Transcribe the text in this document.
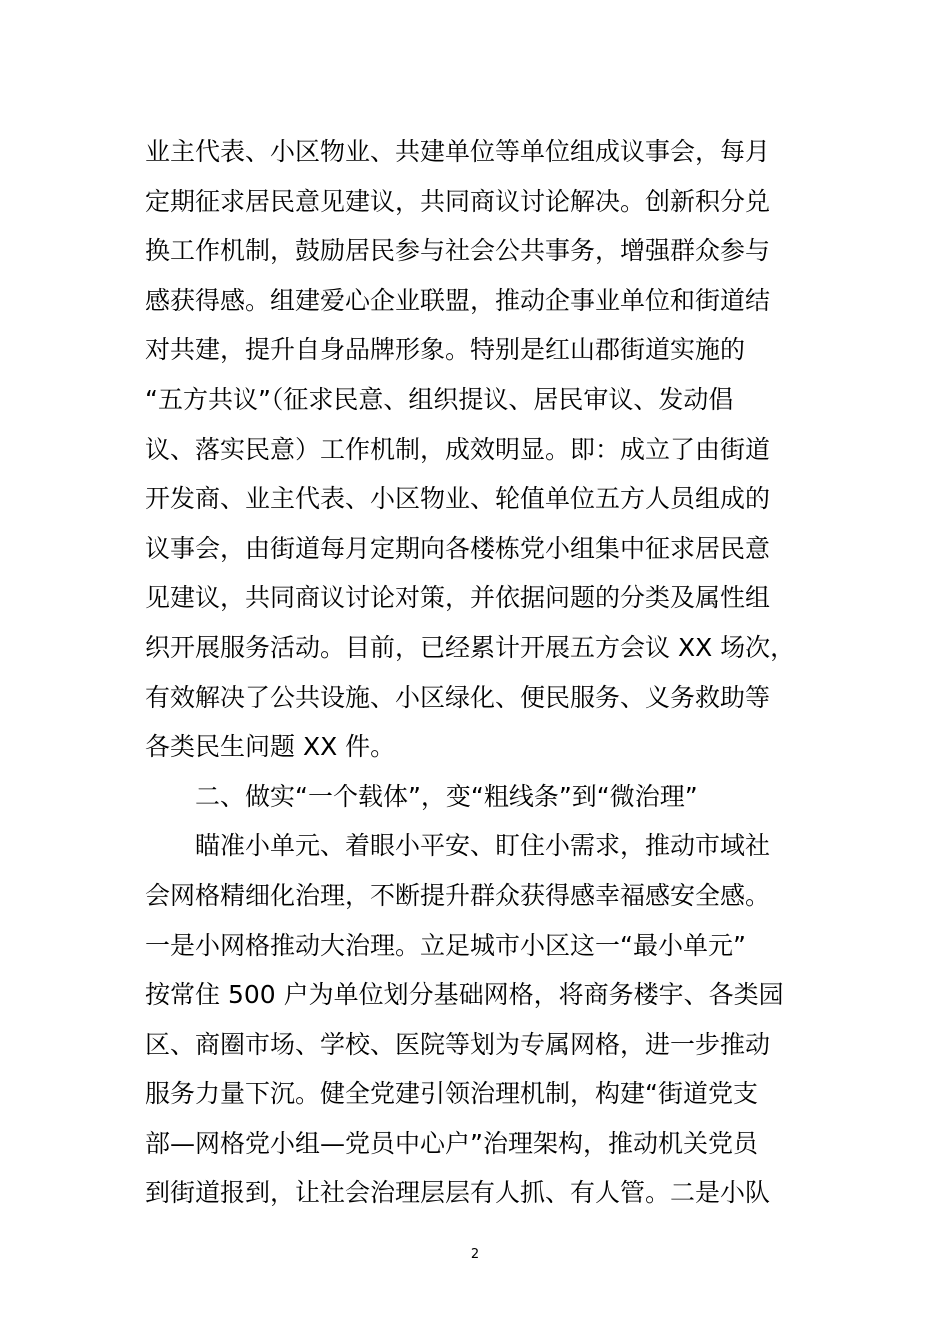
业主代表、小区物业、共建单位等单位组成议事会，每月
定期征求居民意见建议，共同商议讨论解决。创新积分兑
换工作机制，鼓励居民参与社会公共事务，增强群众参与
感获得感。组建爱心企业联盟，推动企事业单位和街道结
对共建，提升自身品牌形象。特别是红山郡街道实施的
“五方共议”（征求民意、组织提议、居民审议、发动倡
议、落实民意）工作机制，成效明显。即：成立了由街道
开发商、业主代表、小区物业、轮值单位五方人员组成的
议事会，由街道每月定期向各楼栋党小组集中征求居民意
见建议，共同商议讨论对策，并依据问题的分类及属性组
织开展服务活动。目前，已经累计开展五方会议 XX 场次，
有效解决了公共设施、小区绿化、便民服务、义务救助等
各类民生问题 XX 件。
二、做实“一个载体”，变“粗线条”到“微治理”
瞄准小单元、着眼小平安、盯住小需求，推动市域社
会网格精细化治理，不断提升群众获得感幸福感安全感。
一是小网格推动大治理。立足城市小区这一“最小单元”
按常住 500 户为单位划分基础网格，将商务楼宇、各类园
区、商圈市场、学校、医院等划为专属网格，进一步推动
服务力量下沉。健全党建引领治理机制，构建“街道党支
部—网格党小组—党员中心户”治理架构，推动机关党员
到街道报到，让社会治理层层有人抓、有人管。二是小队
2
